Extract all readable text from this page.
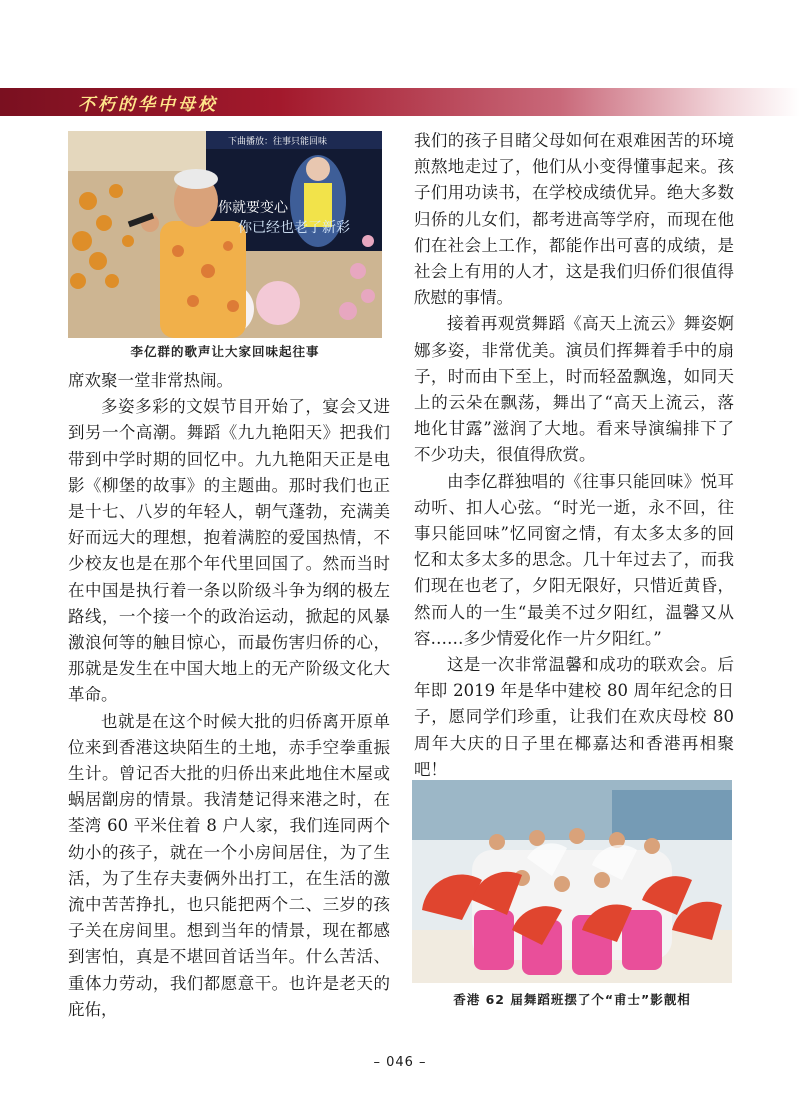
不朽的华中母校
下曲播放：往事只能回味
你就要变心
你已经也老了新彩
李亿群的歌声让大家回味起往事

席欢聚一堂非常热闹。

多姿多彩的文娱节目开始了，宴会又进到另一个高潮。舞蹈《九九艳阳天》把我们带到中学时期的回忆中。九九艳阳天正是电影《柳堡的故事》的主题曲。那时我们也正是十七、八岁的年轻人，朝气蓬勃，充满美好而远大的理想，抱着满腔的爱国热情，不少校友也是在那个年代里回国了。然而当时在中国是执行着一条以阶级斗争为纲的极左路线，一个接一个的政治运动，掀起的风暴激浪何等的触目惊心，而最伤害归侨的心，那就是发生在中国大地上的无产阶级文化大革命。

也就是在这个时候大批的归侨离开原单位来到香港这块陌生的土地，赤手空拳重振生计。曾记否大批的归侨出来此地住木屋或蜗居劏房的情景。我清楚记得来港之时，在荃湾 60 平米住着 8 户人家，我们连同两个幼小的孩子，就在一个小房间居住，为了生活，为了生存夫妻俩外出打工，在生活的激流中苦苦挣扎，也只能把两个二、三岁的孩子关在房间里。想到当年的情景，现在都感到害怕，真是不堪回首话当年。什么苦活、重体力劳动，我们都愿意干。也许是老天的庇佑，

我们的孩子目睹父母如何在艰难困苦的环境煎熬地走过了，他们从小变得懂事起来。孩子们用功读书，在学校成绩优异。绝大多数归侨的儿女们，都考进高等学府，而现在他们在社会上工作，都能作出可喜的成绩，是社会上有用的人才，这是我们归侨们很值得欣慰的事情。

接着再观赏舞蹈《高天上流云》舞姿婀娜多姿，非常优美。演员们挥舞着手中的扇子，时而由下至上，时而轻盈飘逸，如同天上的云朵在飘荡，舞出了“高天上流云，落地化甘露”滋润了大地。看来导演编排下了不少功夫，很值得欣赏。

由李亿群独唱的《往事只能回味》悦耳动听、扣人心弦。“时光一逝，永不回，往事只能回味”忆同窗之情，有太多太多的回忆和太多太多的思念。几十年过去了，而我们现在也老了，夕阳无限好，只惜近黄昏，然而人的一生“最美不过夕阳红，温馨又从容……多少情爱化作一片夕阳红。”

这是一次非常温馨和成功的联欢会。后年即 2019 年是华中建校 80 周年纪念的日子，愿同学们珍重，让我们在欢庆母校 80 周年大庆的日子里在椰嘉达和香港再相聚吧！

香港 62 届舞蹈班摆了个“甫士”影靓相
– 046 –
